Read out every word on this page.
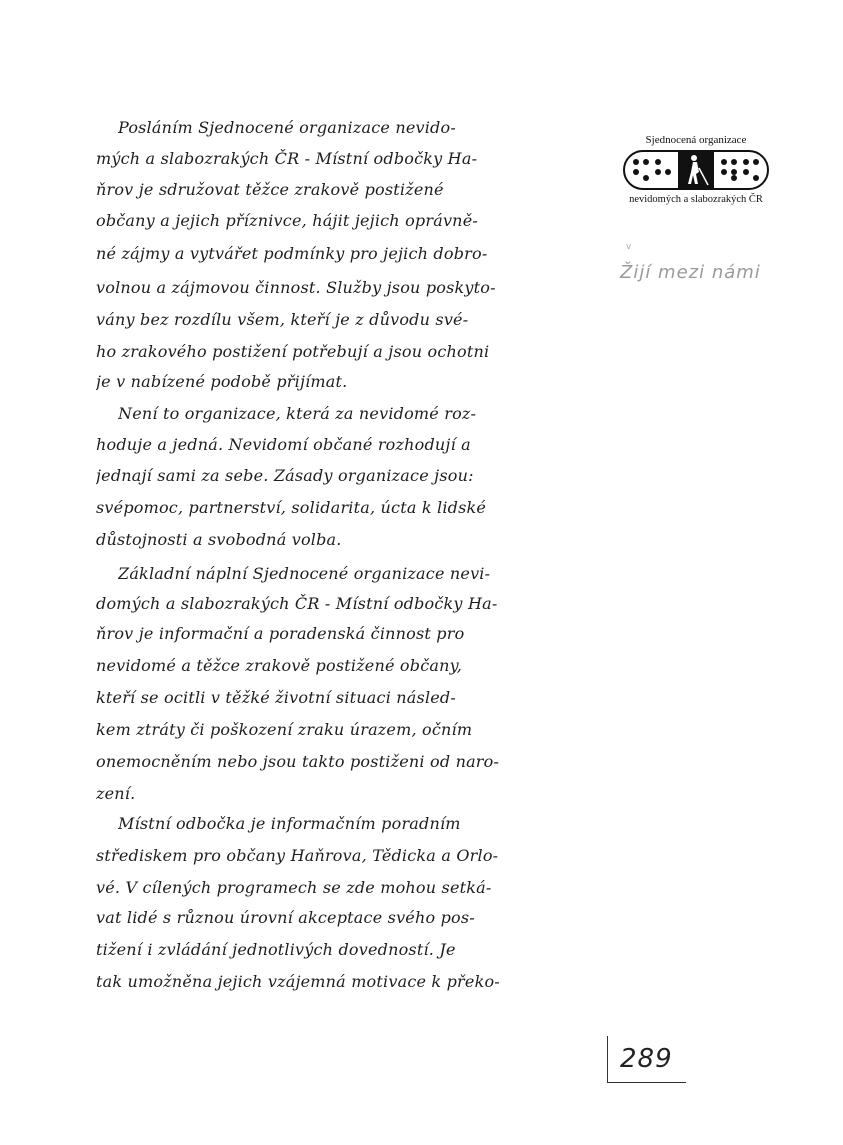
Sjednocená organizace
nevidomých a slabozrakých ČR
v
Žijí mezi námi
Posláním Sjednocené organizace nevido-
mých a slabozrakých ČR - Místní odbočky Ha-
ňrov je sdružovat těžce zrakově postižené
občany a jejich příznivce, hájit jejich oprávně-
né zájmy a vytvářet podmínky pro jejich dobro-
volnou a zájmovou činnost. Služby jsou poskyto-
vány bez rozdílu všem, kteří je z důvodu své-
ho zrakového postižení potřebují a jsou ochotni
je v nabízené podobě přijímat.
Není to organizace, která za nevidomé roz-
hoduje a jedná. Nevidomí občané rozhodují a
jednají sami za sebe. Zásady organizace jsou:
svépomoc, partnerství, solidarita, úcta k lidské
důstojnosti a svobodná volba.
Základní náplní Sjednocené organizace nevi-
domých a slabozrakých ČR - Místní odbočky Ha-
ňrov je informační a poradenská činnost pro
nevidomé a těžce zrakově postižené občany,
kteří se ocitli v těžké životní situaci násled-
kem ztráty či poškození zraku úrazem, očním
onemocněním nebo jsou takto postiženi od naro-
zení.
Místní odbočka je informačním poradním
střediskem pro občany Haňrova, Tědicka a Orlo-
vé. V cílených programech se zde mohou setká-
vat lidé s různou úrovní akceptace svého pos-
tižení i zvládání jednotlivých dovedností. Je
tak umožněna jejich vzájemná motivace k překo-
289
